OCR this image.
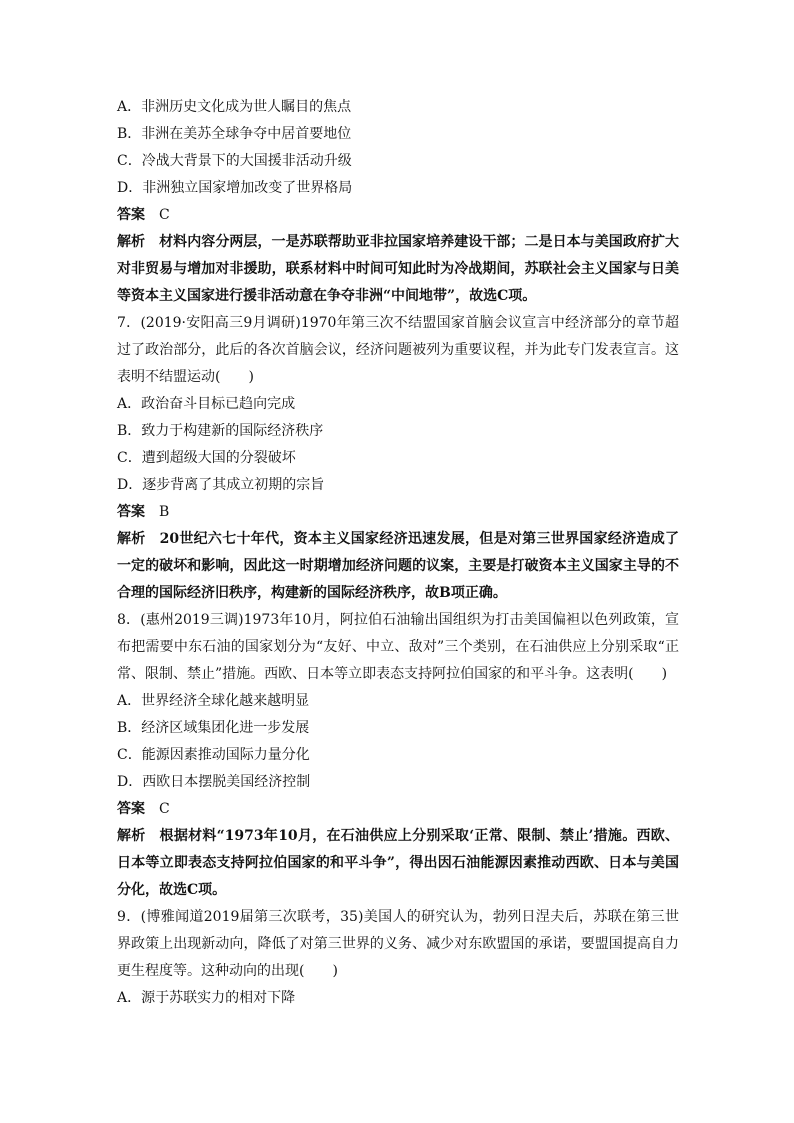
A．非洲历史文化成为世人瞩目的焦点
B．非洲在美苏全球争夺中居首要地位
C．冷战大背景下的大国援非活动升级
D．非洲独立国家增加改变了世界格局
答案 C
解析 材料内容分两层，一是苏联帮助亚非拉国家培养建设干部；二是日本与美国政府扩大对非贸易与增加对非援助，联系材料中时间可知此时为冷战期间，苏联社会主义国家与日美等资本主义国家进行援非活动意在争夺非洲“中间地带”，故选C项。
7．(2019·安阳高三9月调研)1970年第三次不结盟国家首脑会议宣言中经济部分的章节超过了政治部分，此后的各次首脑会议，经济问题被列为重要议程，并为此专门发表宣言。这表明不结盟运动(　　)
A．政治奋斗目标已趋向完成
B．致力于构建新的国际经济秩序
C．遭到超级大国的分裂破坏
D．逐步背离了其成立初期的宗旨
答案 B
解析 20世纪六七十年代，资本主义国家经济迅速发展，但是对第三世界国家经济造成了一定的破坏和影响，因此这一时期增加经济问题的议案，主要是打破资本主义国家主导的不合理的国际经济旧秩序，构建新的国际经济秩序，故B项正确。
8．(惠州2019三调)1973年10月，阿拉伯石油输出国组织为打击美国偏袒以色列政策，宣布把需要中东石油的国家划分为“友好、中立、敌对”三个类别，在石油供应上分别采取“正常、限制、禁止”措施。西欧、日本等立即表态支持阿拉伯国家的和平斗争。这表明(　　)
A．世界经济全球化越来越明显
B．经济区域集团化进一步发展
C．能源因素推动国际力量分化
D．西欧日本摆脱美国经济控制
答案 C
解析 根据材料“1973年10月，在石油供应上分别采取‘正常、限制、禁止’措施。西欧、日本等立即表态支持阿拉伯国家的和平斗争”，得出因石油能源因素推动西欧、日本与美国分化，故选C项。
9．(博雅闻道2019届第三次联考，35)美国人的研究认为，勃列日涅夫后，苏联在第三世界政策上出现新动向，降低了对第三世界的义务、减少对东欧盟国的承诺，要盟国提高自力更生程度等。这种动向的出现(　　)
A．源于苏联实力的相对下降
